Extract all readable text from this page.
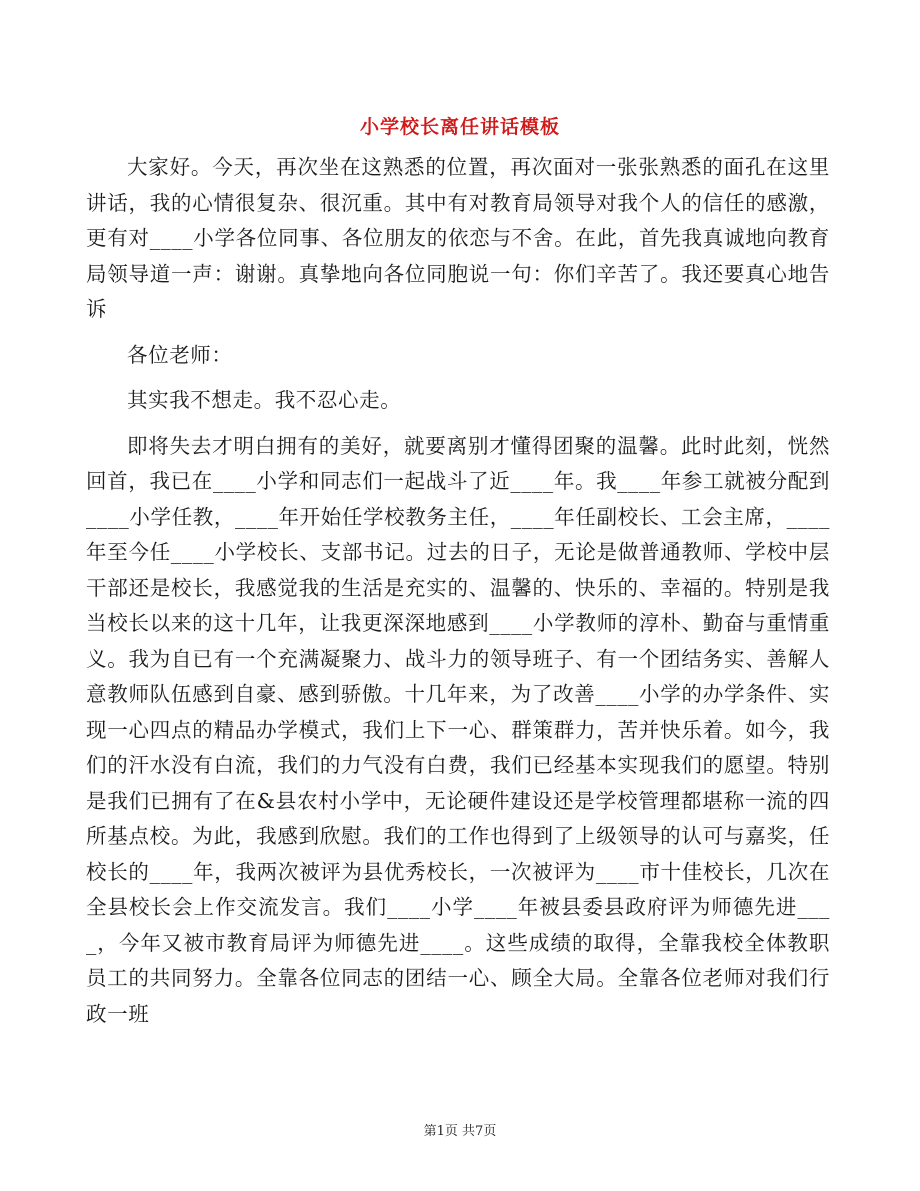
小学校长离任讲话模板

大家好。今天，再次坐在这熟悉的位置，再次面对一张张熟悉的面孔在这里讲话，我的心情很复杂、很沉重。其中有对教育局领导对我个人的信任的感激，更有对____小学各位同事、各位朋友的依恋与不舍。在此，首先我真诚地向教育局领导道一声：谢谢。真挚地向各位同胞说一句：你们辛苦了。我还要真心地告诉

各位老师：

其实我不想走。我不忍心走。

即将失去才明白拥有的美好，就要离别才懂得团聚的温馨。此时此刻，恍然回首，我已在____小学和同志们一起战斗了近____年。我____年参工就被分配到____小学任教，____年开始任学校教务主任，____年任副校长、工会主席，____年至今任____小学校长、支部书记。过去的日子，无论是做普通教师、学校中层干部还是校长，我感觉我的生活是充实的、温馨的、快乐的、幸福的。特别是我当校长以来的这十几年，让我更深深地感到____小学教师的淳朴、勤奋与重情重义。我为自已有一个充满凝聚力、战斗力的领导班子、有一个团结务实、善解人意教师队伍感到自豪、感到骄傲。十几年来，为了改善____小学的办学条件、实现一心四点的精品办学模式，我们上下一心、群策群力，苦并快乐着。如今，我们的汗水没有白流，我们的力气没有白费，我们已经基本实现我们的愿望。特别是我们已拥有了在&县农村小学中，无论硬件建设还是学校管理都堪称一流的四所基点校。为此，我感到欣慰。我们的工作也得到了上级领导的认可与嘉奖，任校长的____年，我两次被评为县优秀校长，一次被评为____市十佳校长，几次在全县校长会上作交流发言。我们____小学____年被县委县政府评为师德先进____，今年又被市教育局评为师德先进____。这些成绩的取得，全靠我校全体教职员工的共同努力。全靠各位同志的团结一心、顾全大局。全靠各位老师对我们行政一班

第1页 共7页
